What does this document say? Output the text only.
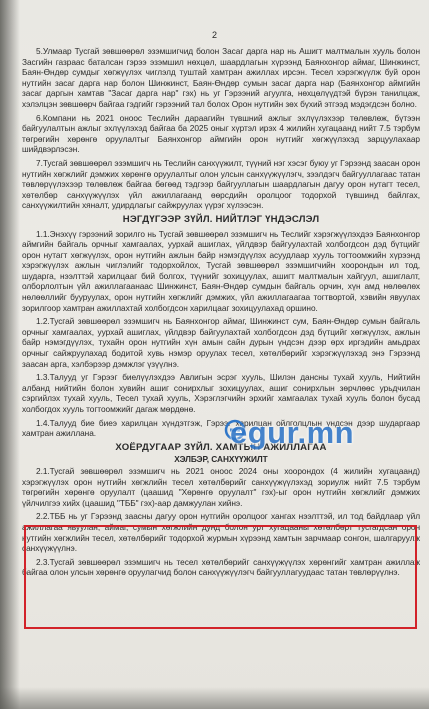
2

5.Улмаар Тусгай зөвшөөрөл эзэмшигчид болон Засаг дарга нар нь Ашигт малтмалын хууль болон Засгийн газраас баталсан гэрээ эзэмшил нөхцөл, шаардлагын хүрээнд Баянхонгор аймаг, Шинжинст, Баян-Өндөр сумдыг хөгжүүлэх чиглэлд туштай хамтран ажиллах ирсэн. Тесел хэрэгжүүлж буй орон нутгийн засаг дарга нар болон Шинжинст, Баян-Өндөр сумын засаг дарга нар (Баянхонгор аймгийн засаг даргын хамтав "Засаг дарга нар" гэх) нь уг Гэрээний агуулга, нөхцөлүүдтэй бүрэн танилцаж, хэлэлцэн зөвшөөрч байгаа гэдгийг гэрээний тал болох Орон нутгийн зөх бүхий этгээд мэдэгдсэн болно.

6.Компани нь 2021 оноос Теслийн дараагийн түвшний ажлыг эхлүүлэхээр төлөвлөж, бүтээн байгуулалтын ажлыг эхлүүлэхэд байгаа ба 2025 оныг хүртэл ирэх 4 жилийн хугацаанд нийт 7.5 тэрбум төгрөгийн хөрөнгө оруулалтыг Баянхонгор аймгийн орон нутгийг хөгжүүлэхэд зарцуулахаар шийдвэрлэсэн.

7.Тусгай зөвшөөрөл эзэмшигч нь Теслийн санхүүжилт, түүний нэг хэсэг буюу уг Гэрээнд заасан орон нутгийн хөгжлийг дэмжих хөрөнгө оруулалтыг олон улсын санхүүжүүлэгч, зээлдэгч байгууллагаас татан төвлөрүүлэхээр төлөвлөж байгаа бөгөөд тэдгээр байгууллагын шаардлагын дагуу орон нутагт тесел, хөтөлбөр санхүүжүүлэх үйл ажиллагаанд өөрсдийн оролцоог тодорхой түвшинд байлгах, санхүүжилтийн хяналт, удирдлагыг сайжруулах үүрэг хүлээсэн.

НЭГДҮГЭЭР ЗҮЙЛ. НИЙТЛЭГ ҮНДЭСЛЭЛ

1.1.Энэхүү гэрээний зорилго нь Тусгай зөвшөөрөл эзэмшигч нь Теслийг хэрэгжүүлэхдээ Баянхонгор аймгийн байгаль орчныг хамгаалах, уурхай ашиглах, үйлдвэр байгуулахтай холбогдсон дэд бүтцийг орон нутагт хөгжүүлэх, орон нутгийн ажлын байр нэмэгдүүлэх асуудлаар хууль тогтоомжийн хүрээнд хэрэгжүүлэх ажлын чиглэлийг тодорхойлох, Тусгай зөвшөөрөл эзэмшигчийн хоорондын ил тод, шударга, нээлттэй харилцааг бий болгох, түүнийг зохицуулах, ашигт малтмалын хайгуул, ашиглалт, олборлолтын үйл ажиллагаанаас Шинжинст, Баян-Өндөр сумдын байгаль орчин, хүн амд нөлөөлөх нөлөөллийг бууруулах, орон нутгийн хөгжлийг дэмжих, үйл ажиллагаагаа тогтвортой, хэвийн явуулах зорилгоор хамтран ажиллахтай холбогдсон харилцааг зохицуулахад оршино.

1.2.Тусгай зөвшөөрөл эзэмшигч нь Баянхонгор аймаг, Шинжинст сум, Баян-Өндөр сумын байгаль орчныг хамгаалах, уурхай ашиглах, үйлдвэр байгуулахтай холбогдсон дэд бүтцийг хөгжүүлэх, ажлын байр нэмэгдүүлэх, тухайн орон нутгийн хүн амын сайн дурын үндсэн дээр өрх иргэдийн амьдрах орчныг сайжруулахад бодитой хувь нэмэр оруулах тесел, хөтөлбөрийг хэрэгжүүлэхэд энэ Гэрээнд заасан арга, хэлбэрээр дэмжлэг үзүүлнэ.

1.3.Талууд уг Гэрээг биелүүлэхдээ Авлигын эсрэг хууль, Шилэн дансны тухай хууль, Нийтийн албанд нийтийн болон хувийн ашиг сонирхлыг зохицуулах, ашиг сонирхлын зөрчлөөс урьдчилан сэргийлэх тухай хууль, Тесел тухай хууль, Хэрэглэгчийн эрхийг хамгаалах тухай хууль болон бусад холбогдох хууль тогтоомжийг дагаж мөрдөнө.

1.4.Талууд бие биеэ харилцан хүндэтгэж, Гэрээг харилцан ойлголцлын үндсэн дээр шударгаар хамтран ажиллана.

ХОЁРДУГААР ЗҮЙЛ. ХАМТЫН АЖИЛЛАГАА
ХЭЛБЭР, САНХҮҮЖИЛТ

2.1.Тусгай зөвшөөрөл эзэмшигч нь 2021 оноос 2024 оны хоорондох (4 жилийн хугацаанд) хэрэгжүүлэх орон нутгийн хөгжлийн тесел хөтөлбөрийг санхүүжүүлэхэд зориулж нийт 7.5 тэрбум төгрөгийн хөрөнгө оруулалт (цаашид "Хөрөнгө оруулалт" гэх)-ыг орон нутгийн хөгжлийг дэмжих үйлчилгээ хийх (цаашид "ТББ" гэх)-аар дамжуулан хийнэ.

2.2.ТББ нь уг Гэрээнд заасны дагуу орон нутгийн оролцоог хангах нээлттэй, ил тод байдлаар үйл ажиллагаа явуулан, аймаг, сумын хөгжлийн дунд болон урт хугацааны хөтөлбөрт тусгагдсан орон нутгийн хөгжлийн тесел, хөтөлбөрийг тодорхой журмын хүрээнд хамтын зарчмаар сонгон, шалгаруулж санхүүжүүлнэ.

2.3.Тусгай зөвшөөрөл эзэмшигч нь тесел хөтөлбөрийг санхүүжүүлэх хөрөнгийг хамтран ажиллаж байгаа олон улсын хөрөнгө оруулагчид болон санхүүжүүлэгч байгууллагуудаас татан төвлөрүүлнэ.

egur.mn
